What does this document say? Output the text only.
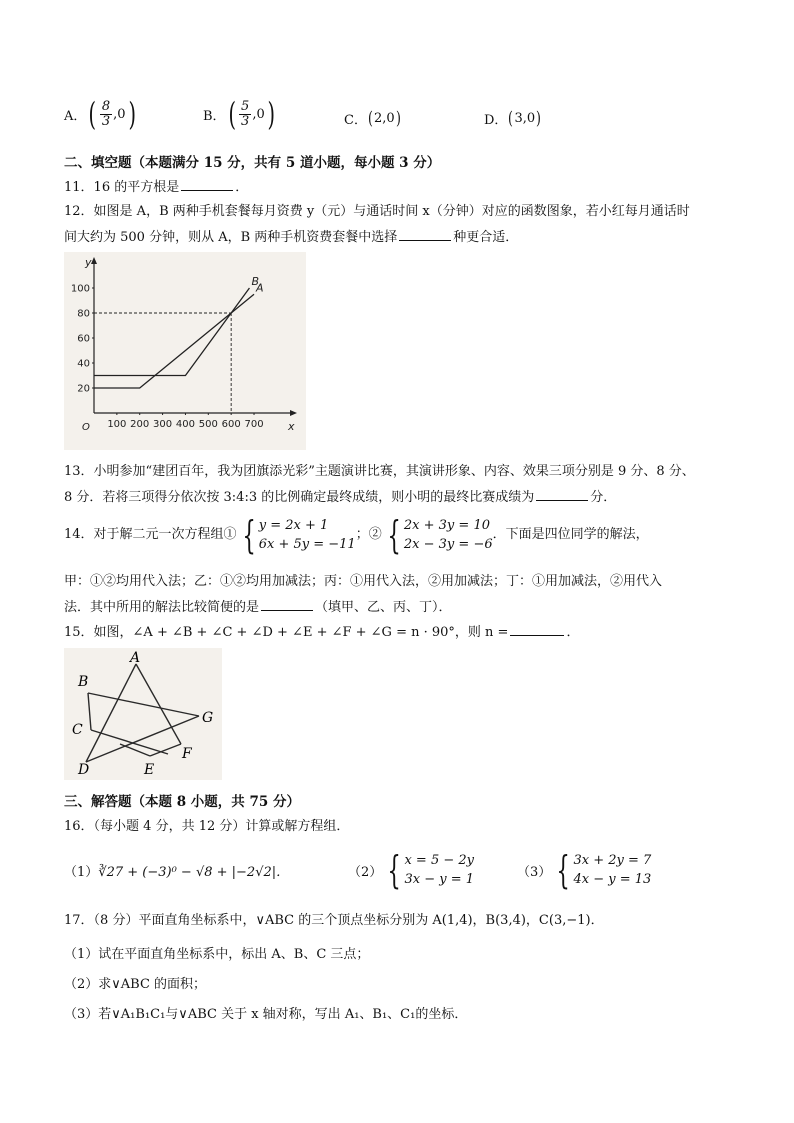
A． ( $\frac{8}{3} ,0$ )	B． ( $\frac{5}{3} ,0$ )	C． ( 2,0 )	D． ( 3,0 )
二、填空题（本题满分 15 分，共有 5 道小题，每小题 3 分）
11．16 的平方根是	．
12．如图是 A，B 两种手机套餐每月资费 y（元）与通话时间 x（分钟）对应的函数图象，若小红每月通话时
间大约为 500 分钟，则从 A，B 两种手机资费套餐中选择	种更合适．
y
x
O
20
40
60
80
100
100 200 300 400 500 600 700
A
B
13．小明参加“建团百年，我为团旗添光彩”主题演讲比赛，其演讲形象、内容、效果三项分别是 9 分、8 分、
8 分．若将三项得分依次按 3:4:3 的比例确定最终成绩，则小明的最终比赛成绩为	分．
14．对于解二元一次方程组① { y = 2x + 1
6x + 5y = −11
；② { 2x + 3y = 10
2x − 3y = −6
．下面是四位同学的解法，
甲：①②均用代入法；乙：①②均用加减法；丙：①用代入法，②用加减法；丁：①用加减法，②用代入
法．其中所用的解法比较简便的是	（填甲、乙、丙、丁）．
15．如图，∠A + ∠B + ∠C + ∠D + ∠E + ∠F + ∠G = n · 90°，则 n =	．
A
B
C
D	E
F
G
三、解答题（本题 8 小题，共 75 分）
16．（每小题 4 分，共 12 分）计算或解方程组．
（1） ∛27 + (−3)⁰ − √8 + |−2√2|．	（2） { x = 5 − 2y
3x − y = 1	（3） { 3x + 2y = 7
4x − y = 13
17．（8 分）平面直角坐标系中，∨ABC 的三个顶点坐标分别为 A(1,4)，B(3,4)，C(3,−1)．
（1）试在平面直角坐标系中，标出 A、B、C 三点；
（2）求∨ABC 的面积；
（3）若∨A₁B₁C₁与∨ABC 关于 x 轴对称，写出 A₁、B₁、C₁的坐标．
